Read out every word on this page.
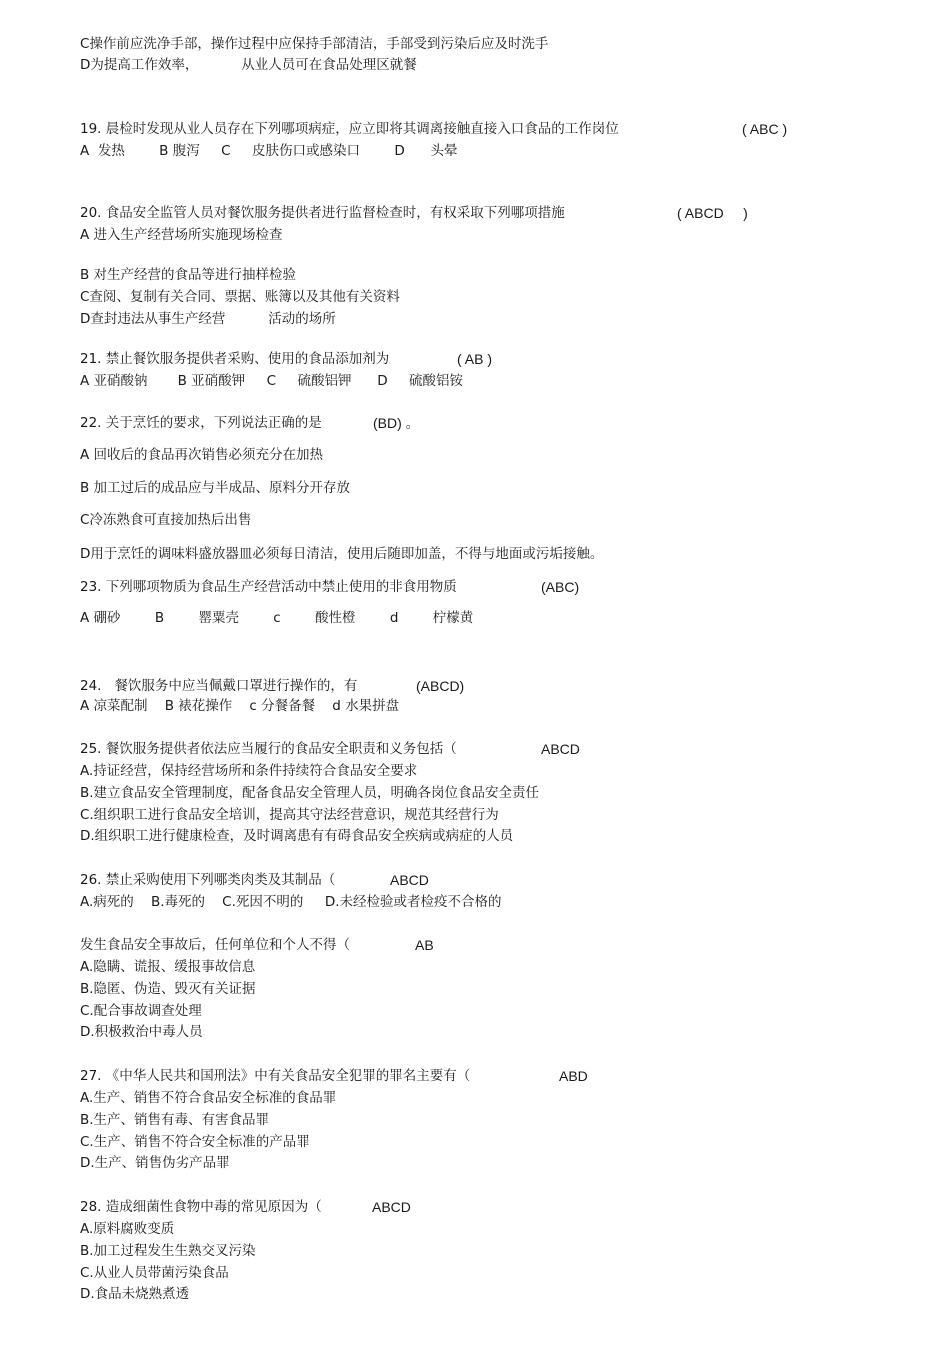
C操作前应洗净手部，操作过程中应保持手部清洁，手部受到污染后应及时洗手

D为提高工作效率，          从业人员可在食品处理区就餐

19. 晨检时发现从业人员存在下列哪项病症，应立即将其调离接触直接入口食品的工作岗位	( ABC )

A  发热        B 腹泻     C     皮肤伤口或感染口        D      头晕

20. 食品安全监管人员对餐饮服务提供者进行监督检查时，有权采取下列哪项措施	( ABCD     )

A 进入生产经营场所实施现场检查

B 对生产经营的食品等进行抽样检验

C查阅、复制有关合同、票据、账簿以及其他有关资料

D查封违法从事生产经营          活动的场所

21. 禁止餐饮服务提供者采购、使用的食品添加剂为	( AB )

A 亚硝酸钠       B 亚硝酸钾     C     硫酸铝钾      D     硫酸铝铵

22. 关于烹饪的要求，下列说法正确的是	(BD) 。

A 回收后的食品再次销售必须充分在加热

B 加工过后的成品应与半成品、原料分开存放

C冷冻熟食可直接加热后出售

D用于烹饪的调味料盛放器皿必须每日清洁，使用后随即加盖，不得与地面或污垢接触。

23. 下列哪项物质为食品生产经营活动中禁止使用的非食用物质	(ABC)

A 硼砂        B        罂粟壳        c        酸性橙        d        柠檬黄

24.   餐饮服务中应当佩戴口罩进行操作的，有	(ABCD)

A 凉菜配制    B 裱花操作    c 分餐备餐    d 水果拼盘

25. 餐饮服务提供者依法应当履行的食品安全职责和义务包括（	ABCD

A.持证经营，保持经营场所和条件持续符合食品安全要求

B.建立食品安全管理制度，配备食品安全管理人员，明确各岗位食品安全责任

C.组织职工进行食品安全培训，提高其守法经营意识，规范其经营行为

D.组织职工进行健康检查，及时调离患有有碍食品安全疾病或病症的人员

26. 禁止采购使用下列哪类肉类及其制品（	ABCD

A.病死的    B.毒死的    C.死因不明的     D.未经检验或者检疫不合格的

发生食品安全事故后，任何单位和个人不得（	AB

A.隐瞒、谎报、缓报事故信息

B.隐匿、伪造、毁灭有关证据

C.配合事故调查处理

D.积极救治中毒人员

27. 《中华人民共和国刑法》中有关食品安全犯罪的罪名主要有（	ABD

A.生产、销售不符合食品安全标准的食品罪

B.生产、销售有毒、有害食品罪

C.生产、销售不符合安全标准的产品罪

D.生产、销售伪劣产品罪

28. 造成细菌性食物中毒的常见原因为（	ABCD

A.原料腐败变质

B.加工过程发生生熟交叉污染

C.从业人员带菌污染食品

D.食品未烧熟煮透
